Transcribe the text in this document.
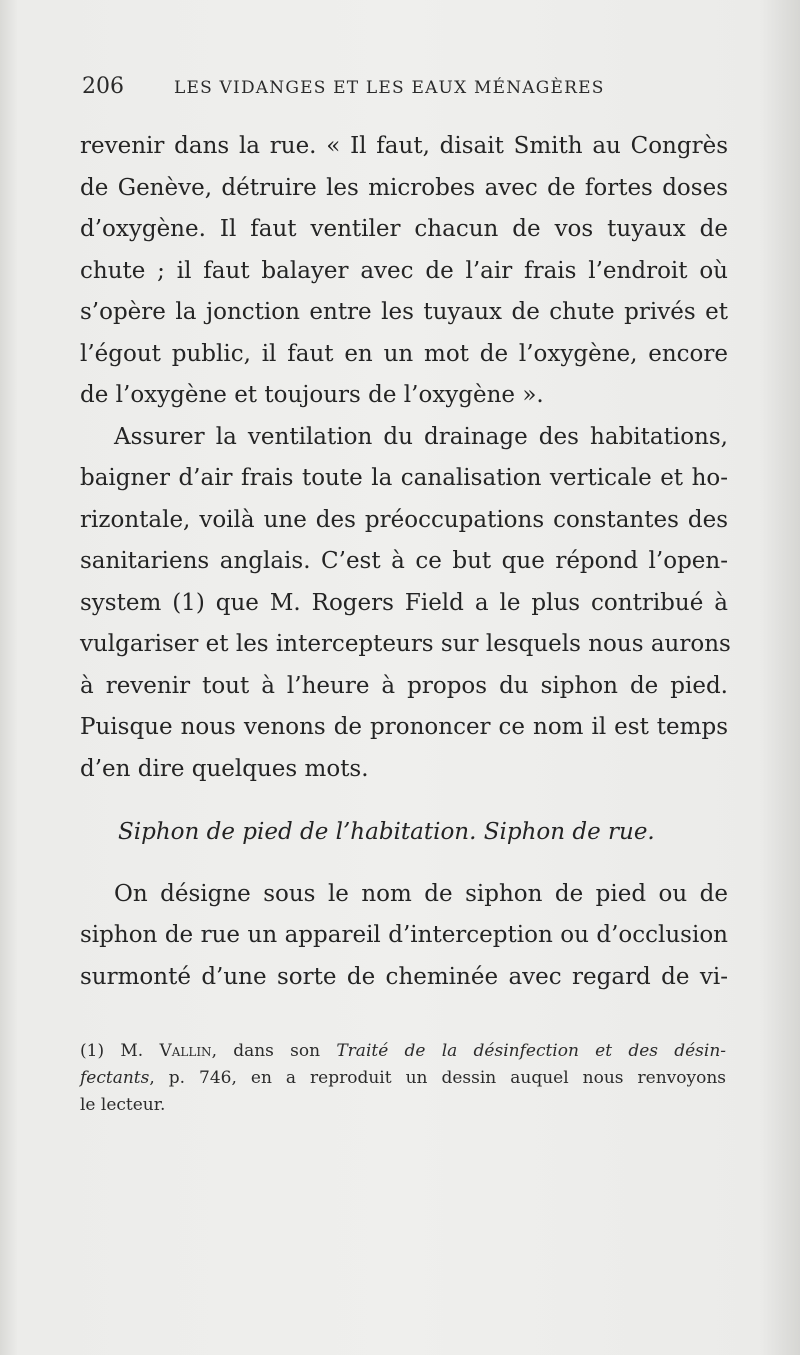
206	LES VIDANGES ET LES EAUX MÉNAGÈRES
revenir dans la rue. « Il faut, disait Smith au Congrès
de Genève, détruire les microbes avec de fortes doses
d’oxygène. Il faut ventiler chacun de vos tuyaux de
chute ; il faut balayer avec de l’air frais l’endroit où
s’opère la jonction entre les tuyaux de chute privés et
l’égout public, il faut en un mot de l’oxygène, encore
de l’oxygène et toujours de l’oxygène ».
Assurer la ventilation du drainage des habitations,
baigner d’air frais toute la canalisation verticale et ho-
rizontale, voilà une des préoccupations constantes des
sanitariens anglais. C’est à ce but que répond l’open-
system (1) que M. Rogers Field a le plus contribué à
vulgariser et les intercepteurs sur lesquels nous aurons
à revenir tout à l’heure à propos du siphon de pied.
Puisque nous venons de prononcer ce nom il est temps
d’en dire quelques mots.
Siphon de pied de l’habitation. Siphon de rue.
On désigne sous le nom de siphon de pied ou de
siphon de rue un appareil d’interception ou d’occlusion
surmonté d’une sorte de cheminée avec regard de vi-
(1) M. Vallin, dans son Traité de la désinfection et des désin-
fectants, p. 746, en a reproduit un dessin auquel nous renvoyons
le lecteur.
